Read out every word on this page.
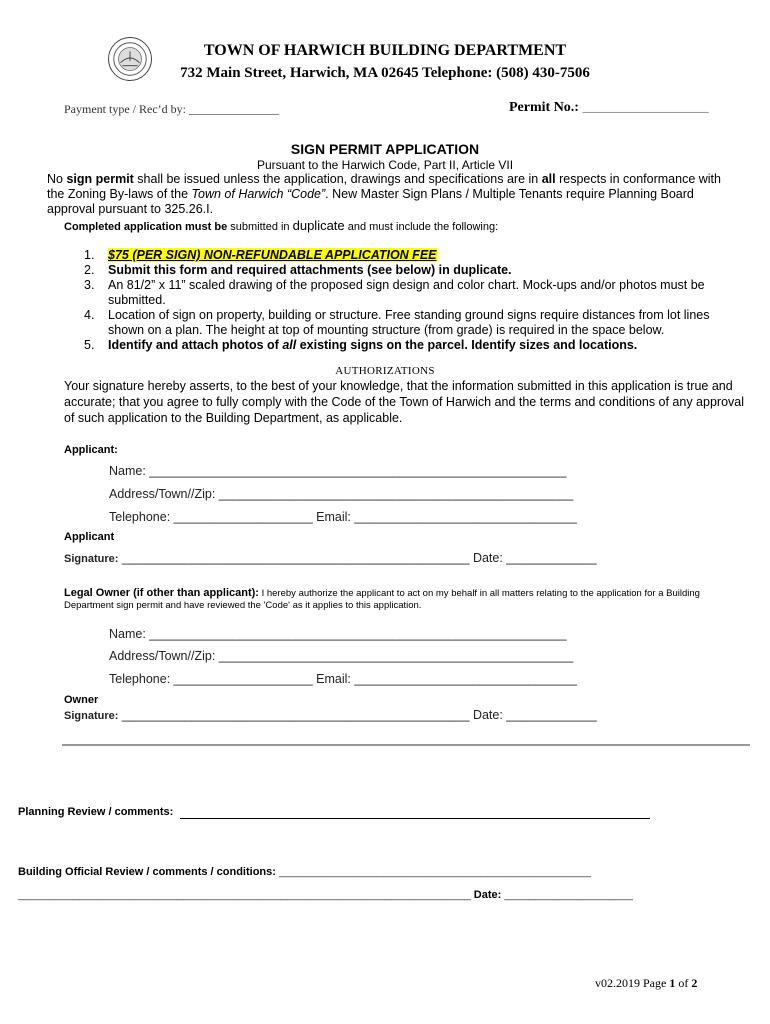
TOWN OF HARWICH BUILDING DEPARTMENT
732 Main Street, Harwich, MA 02645 Telephone: (508) 430-7506
Payment type / Rec’d by: _______________	Permit No.: __________________
SIGN PERMIT APPLICATION
Pursuant to the Harwich Code, Part II, Article VII
No sign permit shall be issued unless the application, drawings and specifications are in all respects in conformance with the Zoning By-laws of the Town of Harwich “Code”. New Master Sign Plans / Multiple Tenants require Planning Board approval pursuant to 325.26.I.
Completed application must be submitted in duplicate and must include the following:
1. $75 (PER SIGN) NON-REFUNDABLE APPLICATION FEE
2. Submit this form and required attachments (see below) in duplicate.
3. An 81/2” x 11” scaled drawing of the proposed sign design and color chart. Mock-ups and/or photos must be submitted.
4. Location of sign on property, building or structure. Free standing ground signs require distances from lot lines shown on a plan. The height at top of mounting structure (from grade) is required in the space below.
5. Identify and attach photos of all existing signs on the parcel. Identify sizes and locations.
AUTHORIZATIONS
Your signature hereby asserts, to the best of your knowledge, that the information submitted in this application is true and accurate; that you agree to fully comply with the Code of the Town of Harwich and the terms and conditions of any approval of such application to the Building Department, as applicable.
Applicant:
Name: ____________________________________________________________
Address/Town//Zip: ___________________________________________________
Telephone: ____________________ Email: ________________________________
Applicant
Signature: __________________________________________________ Date: _____________
Legal Owner (if other than applicant): I hereby authorize the applicant to act on my behalf in all matters relating to the application for a Building Department sign permit and have reviewed the 'Code' as it applies to this application.
Name: ____________________________________________________________
Address/Town//Zip: ___________________________________________________
Telephone: ____________________ Email: ________________________________
Owner
Signature: __________________________________________________ Date: _____________
Planning Review / comments:
Building Official Review / comments / conditions: ___________________________________________________
__________________________________________________________________________ Date: _____________________
v02.2019 Page 1 of 2
